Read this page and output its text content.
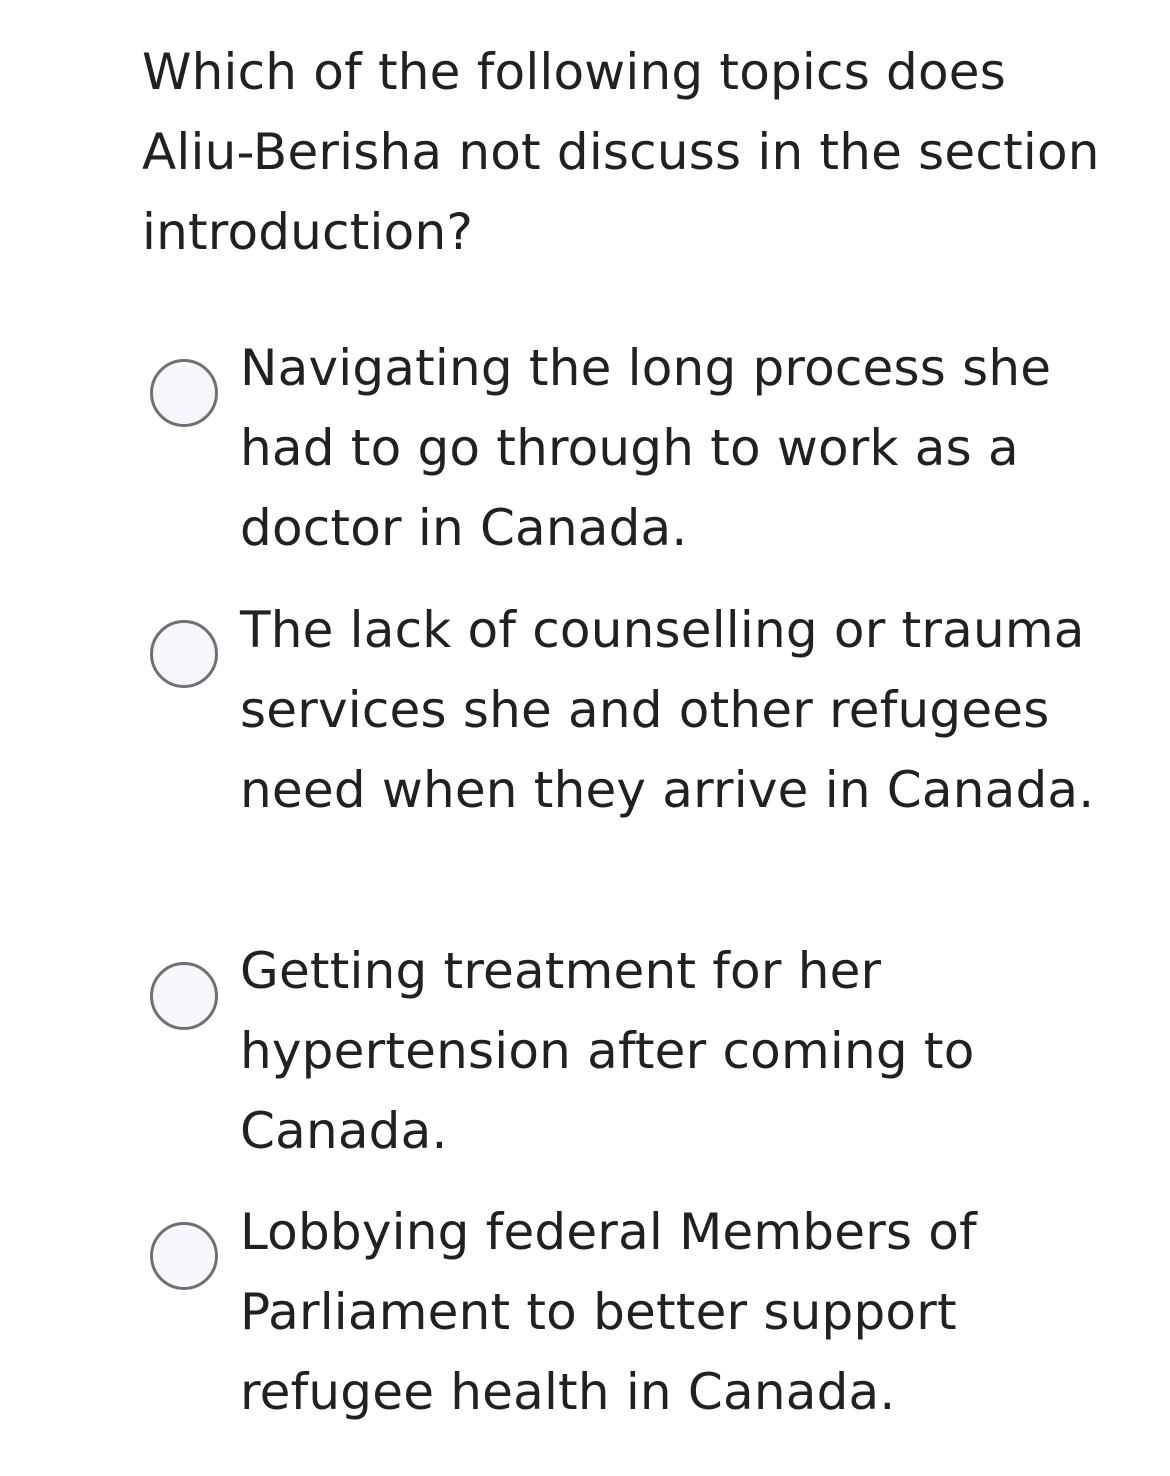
Which of the following topics does Aliu-Berisha not discuss in the section introduction?
Navigating the long process she had to go through to work as a doctor in Canada.
The lack of counselling or trauma services she and other refugees need when they arrive in Canada.
Getting treatment for her hypertension after coming to Canada.
Lobbying federal Members of Parliament to better support refugee health in Canada.
